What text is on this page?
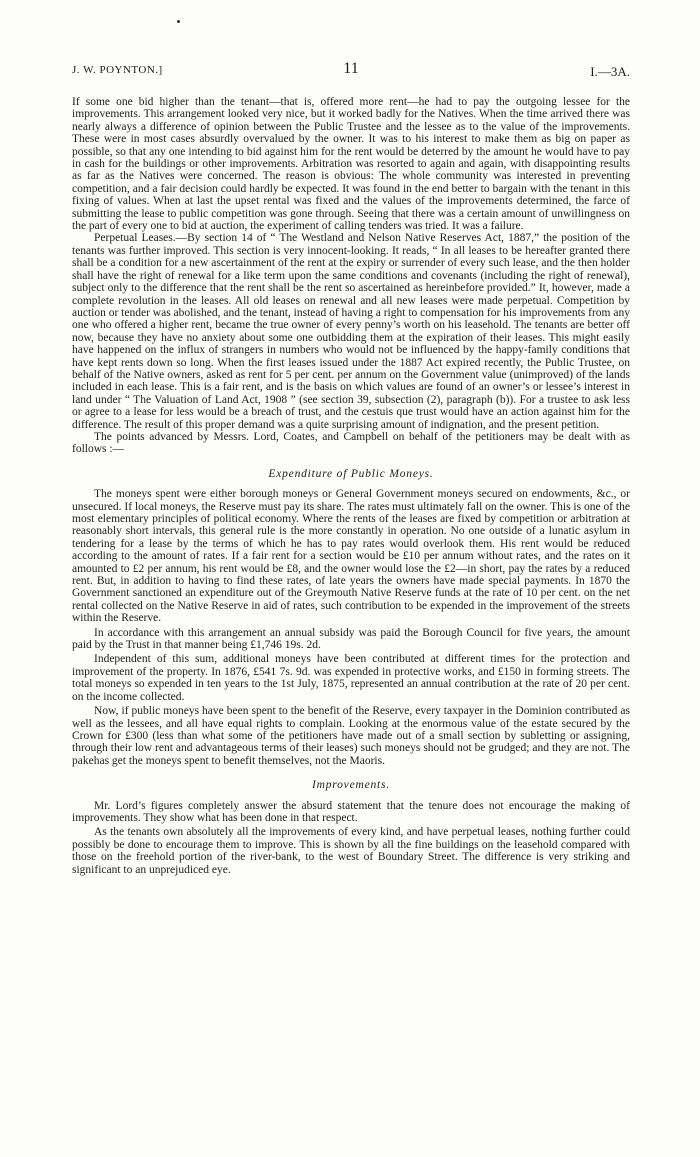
J. W. POYNTON.]	11	I.—3A.

If some one bid higher than the tenant—that is, offered more rent—he had to pay the outgoing lessee for the improvements. This arrangement looked very nice, but it worked badly for the Natives. When the time arrived there was nearly always a difference of opinion between the Public Trustee and the lessee as to the value of the improvements. These were in most cases absurdly overvalued by the owner. It was to his interest to make them as big on paper as possible, so that any one intending to bid against him for the rent would be deterred by the amount he would have to pay in cash for the buildings or other improvements. Arbitration was resorted to again and again, with disappointing results as far as the Natives were concerned. The reason is obvious: The whole community was interested in preventing competition, and a fair decision could hardly be expected. It was found in the end better to bargain with the tenant in this fixing of values. When at last the upset rental was fixed and the values of the improvements determined, the farce of submitting the lease to public competition was gone through. Seeing that there was a certain amount of unwillingness on the part of every one to bid at auction, the experiment of calling tenders was tried. It was a failure.

Perpetual Leases.—By section 14 of “ The Westland and Nelson Native Reserves Act, 1887,” the position of the tenants was further improved. This section is very innocent-looking. It reads, “ In all leases to be hereafter granted there shall be a condition for a new ascertainment of the rent at the expiry or surrender of every such lease, and the then holder shall have the right of renewal for a like term upon the same conditions and covenants (including the right of renewal), subject only to the difference that the rent shall be the rent so ascertained as hereinbefore provided.” It, however, made a complete revolution in the leases. All old leases on renewal and all new leases were made perpetual. Competition by auction or tender was abolished, and the tenant, instead of having a right to compensation for his improvements from any one who offered a higher rent, became the true owner of every penny’s worth on his leasehold. The tenants are better off now, because they have no anxiety about some one outbidding them at the expiration of their leases. This might easily have happened on the influx of strangers in numbers who would not be influenced by the happy-family conditions that have kept rents down so long. When the first leases issued under the 1887 Act expired recently, the Public Trustee, on behalf of the Native owners, asked as rent for 5 per cent. per annum on the Government value (unimproved) of the lands included in each lease. This is a fair rent, and is the basis on which values are found of an owner’s or lessee’s interest in land under “ The Valuation of Land Act, 1908 ” (see section 39, subsection (2), paragraph (b)). For a trustee to ask less or agree to a lease for less would be a breach of trust, and the cestuis que trust would have an action against him for the difference. The result of this proper demand was a quite surprising amount of indignation, and the present petition.

The points advanced by Messrs. Lord, Coates, and Campbell on behalf of the petitioners may be dealt with as follows :—

Expenditure of Public Moneys.

The moneys spent were either borough moneys or General Government moneys secured on endowments, &c., or unsecured. If local moneys, the Reserve must pay its share. The rates must ultimately fall on the owner. This is one of the most elementary principles of political economy. Where the rents of the leases are fixed by competition or arbitration at reasonably short intervals, this general rule is the more constantly in operation. No one outside of a lunatic asylum in tendering for a lease by the terms of which he has to pay rates would overlook them. His rent would be reduced according to the amount of rates. If a fair rent for a section would be £10 per annum without rates, and the rates on it amounted to £2 per annum, his rent would be £8, and the owner would lose the £2—in short, pay the rates by a reduced rent. But, in addition to having to find these rates, of late years the owners have made special payments. In 1870 the Government sanctioned an expenditure out of the Greymouth Native Reserve funds at the rate of 10 per cent. on the net rental collected on the Native Reserve in aid of rates, such contribution to be expended in the improvement of the streets within the Reserve.

In accordance with this arrangement an annual subsidy was paid the Borough Council for five years, the amount paid by the Trust in that manner being £1,746 19s. 2d.

Independent of this sum, additional moneys have been contributed at different times for the protection and improvement of the property. In 1876, £541 7s. 9d. was expended in protective works, and £150 in forming streets. The total moneys so expended in ten years to the 1st July, 1875, represented an annual contribution at the rate of 20 per cent. on the income collected.

Now, if public moneys have been spent to the benefit of the Reserve, every taxpayer in the Dominion contributed as well as the lessees, and all have equal rights to complain. Looking at the enormous value of the estate secured by the Crown for £300 (less than what some of the petitioners have made out of a small section by subletting or assigning, through their low rent and advantageous terms of their leases) such moneys should not be grudged; and they are not. The pakehas get the moneys spent to benefit themselves, not the Maoris.

Improvements.

Mr. Lord’s figures completely answer the absurd statement that the tenure does not encourage the making of improvements. They show what has been done in that respect.

As the tenants own absolutely all the improvements of every kind, and have perpetual leases, nothing further could possibly be done to encourage them to improve. This is shown by all the fine buildings on the leasehold compared with those on the freehold portion of the river-bank, to the west of Boundary Street. The difference is very striking and significant to an unprejudiced eye.
